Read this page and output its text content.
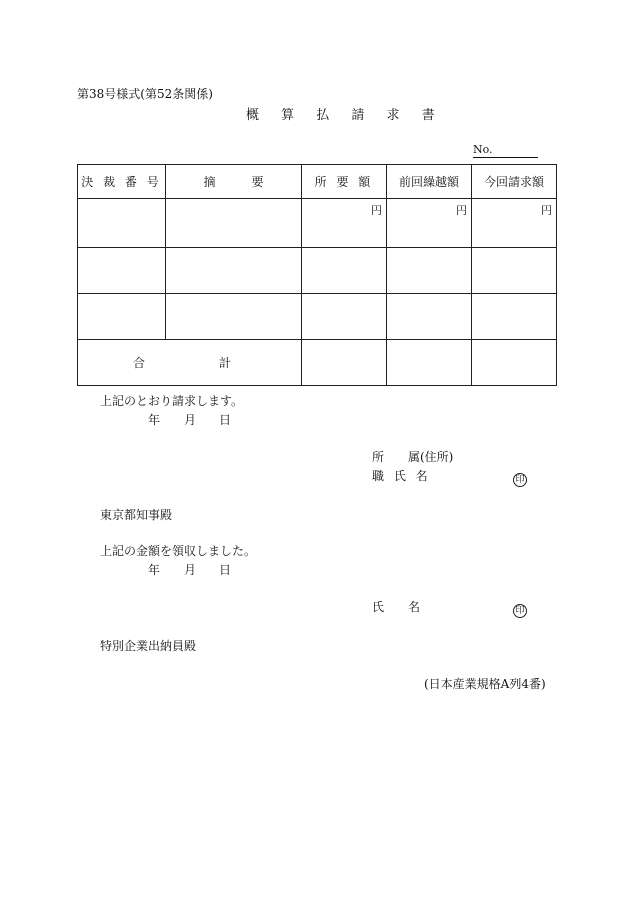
第38号様式(第52条関係)
概 算 払 請 求 書
No.
決 裁 番 号	摘　　　要	所 要 額	前回繰越額	今回請求額
		円	円	円

合 計				

上記のとおり請求します。
年 月 日
所　　属(住所)
職 氏 名	印
東京都知事殿
上記の金額を領収しました。
年 月 日
氏　　名	印
特別企業出納員殿
(日本産業規格A列4番)
